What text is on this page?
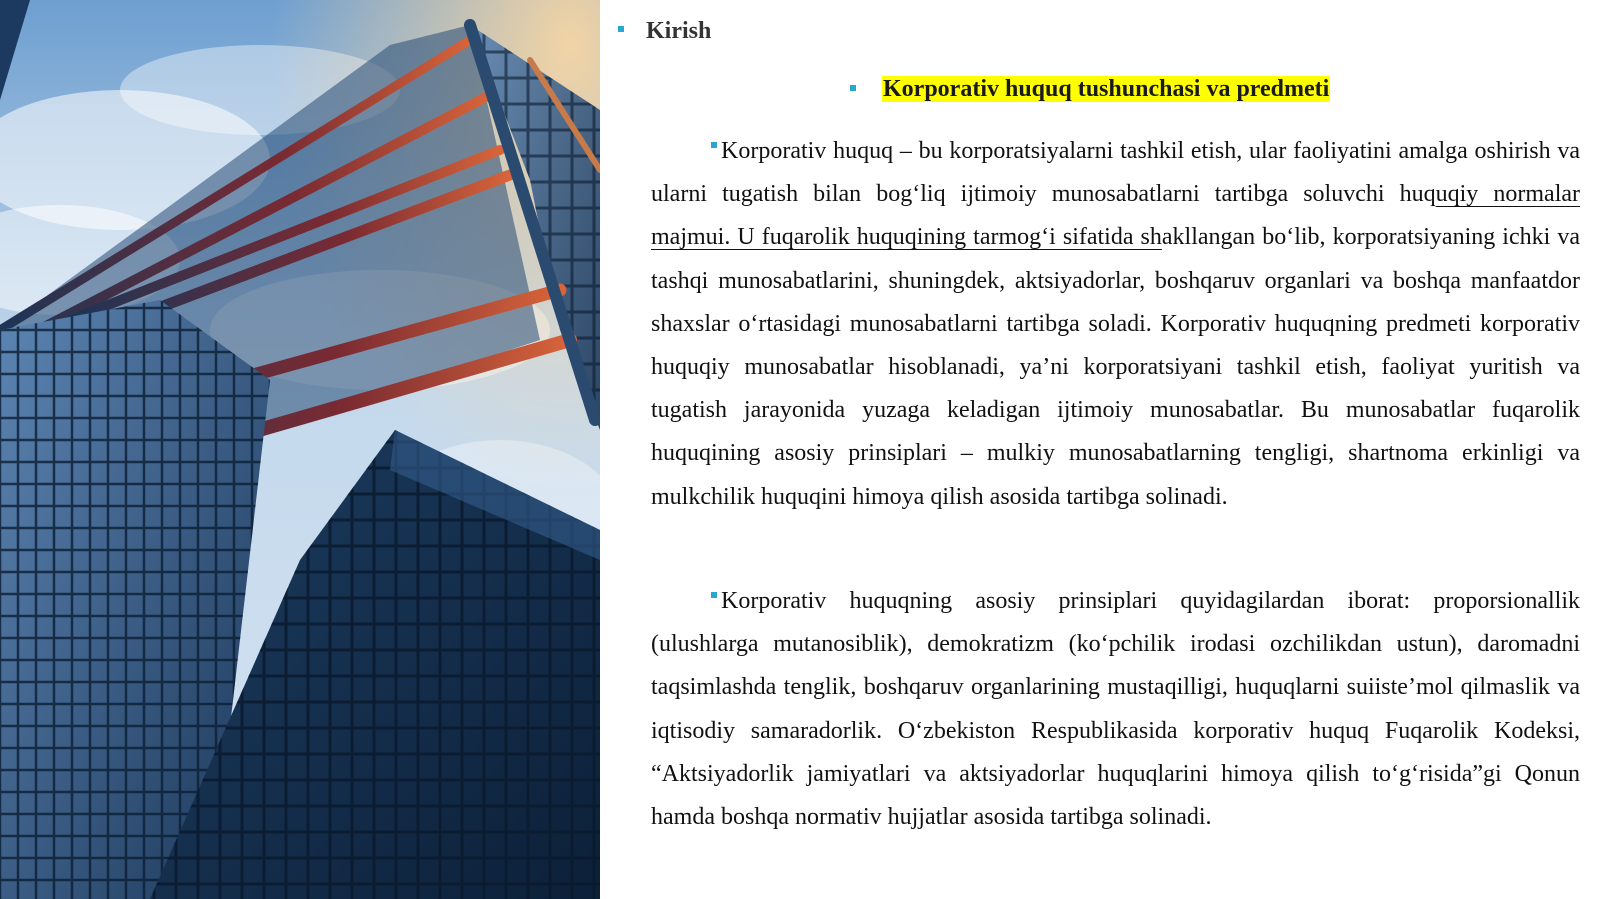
Kirish
Korporativ huquq tushunchasi va predmeti
Korporativ huquq – bu korporatsiyalarni tashkil etish, ular faoliyatini amalga oshirish va ularni tugatish bilan bog‘liq ijtimoiy munosabatlarni tartibga soluvchi huquqiy normalar majmui. U fuqarolik huquqining tarmog‘i sifatida shakllangan bo‘lib, korporatsiyaning ichki va tashqi munosabatlarini, shuningdek, aktsiyadorlar, boshqaruv organlari va boshqa manfaatdor shaxslar o‘rtasidagi munosabatlarni tartibga soladi. Korporativ huquqning predmeti korporativ huquqiy munosabatlar hisoblanadi, ya’ni korporatsiyani tashkil etish, faoliyat yuritish va tugatish jarayonida yuzaga keladigan ijtimoiy munosabatlar. Bu munosabatlar fuqarolik huquqining asosiy prinsiplari – mulkiy munosabatlarning tengligi, shartnoma erkinligi va mulkchilik huquqini himoya qilish asosida tartibga solinadi.
Korporativ huquqning asosiy prinsiplari quyidagilardan iborat: proporsionallik (ulushlarga mutanosiblik), demokratizm (ko‘pchilik irodasi ozchilikdan ustun), daromadni taqsimlashda tenglik, boshqaruv organlarining mustaqilligi, huquqlarni suiiste’mol qilmaslik va iqtisodiy samaradorlik. O‘zbekiston Respublikasida korporativ huquq Fuqarolik Kodeksi, “Aktsiyadorlik jamiyatlari va aktsiyadorlar huquqlarini himoya qilish to‘g‘risida”gi Qonun hamda boshqa normativ hujjatlar asosida tartibga solinadi.
